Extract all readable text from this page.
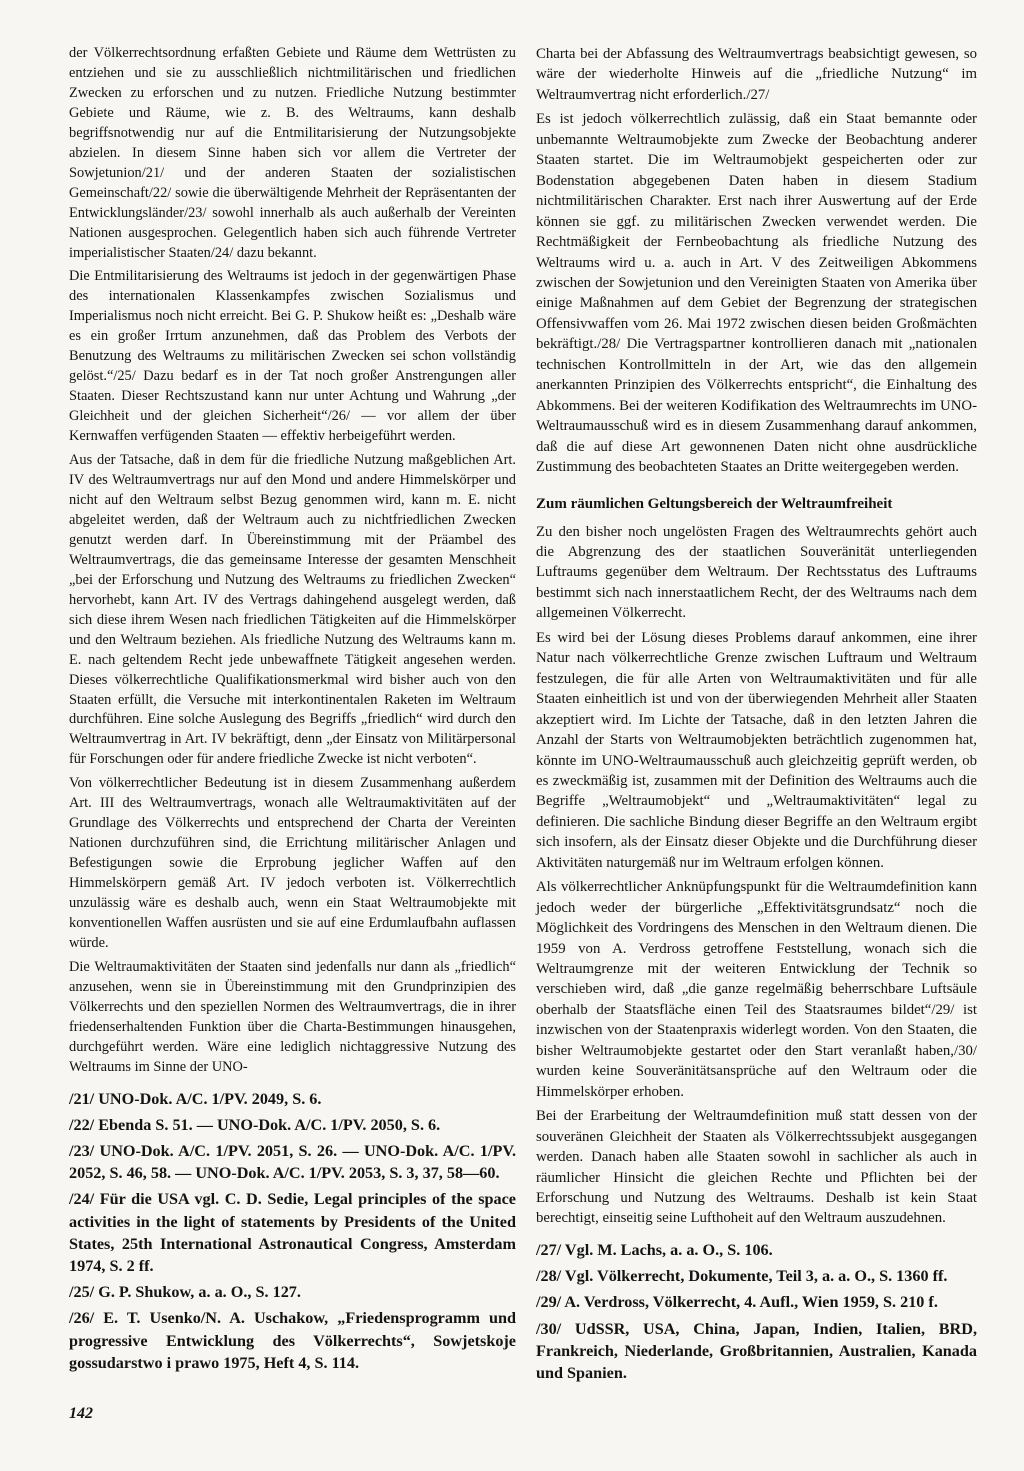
der Völkerrechtsordnung erfaßten Gebiete und Räume dem Wettrüsten zu entziehen und sie zu ausschließlich nichtmilitärischen und friedlichen Zwecken zu erforschen und zu nutzen. Friedliche Nutzung bestimmter Gebiete und Räume, wie z. B. des Weltraums, kann deshalb begriffsnotwendig nur auf die Entmilitarisierung der Nutzungsobjekte abzielen. In diesem Sinne haben sich vor allem die Vertreter der Sowjetunion/21/ und der anderen Staaten der sozialistischen Gemeinschaft/22/ sowie die überwältigende Mehrheit der Repräsentanten der Entwicklungsländer/23/ sowohl innerhalb als auch außerhalb der Vereinten Nationen ausgesprochen. Gelegentlich haben sich auch führende Vertreter imperialistischer Staaten/24/ dazu bekannt.

Die Entmilitarisierung des Weltraums ist jedoch in der gegenwärtigen Phase des internationalen Klassenkampfes zwischen Sozialismus und Imperialismus noch nicht erreicht. Bei G. P. Shukow heißt es: „Deshalb wäre es ein großer Irrtum anzunehmen, daß das Problem des Verbots der Benutzung des Weltraums zu militärischen Zwecken sei schon vollständig gelöst.“/25/ Dazu bedarf es in der Tat noch großer Anstrengungen aller Staaten. Dieser Rechtszustand kann nur unter Achtung und Wahrung „der Gleichheit und der gleichen Sicherheit“/26/ — vor allem der über Kernwaffen verfügenden Staaten — effektiv herbeigeführt werden.

Aus der Tatsache, daß in dem für die friedliche Nutzung maßgeblichen Art. IV des Weltraumvertrags nur auf den Mond und andere Himmelskörper und nicht auf den Weltraum selbst Bezug genommen wird, kann m. E. nicht abgeleitet werden, daß der Weltraum auch zu nichtfriedlichen Zwecken genutzt werden darf. In Übereinstimmung mit der Präambel des Weltraumvertrags, die das gemeinsame Interesse der gesamten Menschheit „bei der Erforschung und Nutzung des Weltraums zu friedlichen Zwecken“ hervorhebt, kann Art. IV des Vertrags dahingehend ausgelegt werden, daß sich diese ihrem Wesen nach friedlichen Tätigkeiten auf die Himmelskörper und den Weltraum beziehen. Als friedliche Nutzung des Weltraums kann m. E. nach geltendem Recht jede unbewaffnete Tätigkeit angesehen werden. Dieses völkerrechtliche Qualifikationsmerkmal wird bisher auch von den Staaten erfüllt, die Versuche mit interkontinentalen Raketen im Weltraum durchführen. Eine solche Auslegung des Begriffs „friedlich“ wird durch den Weltraumvertrag in Art. IV bekräftigt, denn „der Einsatz von Militärpersonal für Forschungen oder für andere friedliche Zwecke ist nicht verboten“.

Von völkerrechtlicher Bedeutung ist in diesem Zusammenhang außerdem Art. III des Weltraumvertrags, wonach alle Weltraumaktivitäten auf der Grundlage des Völkerrechts und entsprechend der Charta der Vereinten Nationen durchzuführen sind, die Errichtung militärischer Anlagen und Befestigungen sowie die Erprobung jeglicher Waffen auf den Himmelskörpern gemäß Art. IV jedoch verboten ist. Völkerrechtlich unzulässig wäre es deshalb auch, wenn ein Staat Weltraumobjekte mit konventionellen Waffen ausrüsten und sie auf eine Erdumlaufbahn auflassen würde.

Die Weltraumaktivitäten der Staaten sind jedenfalls nur dann als „friedlich“ anzusehen, wenn sie in Übereinstimmung mit den Grundprinzipien des Völkerrechts und den speziellen Normen des Weltraumvertrags, die in ihrer friedenserhaltenden Funktion über die Charta-Bestimmungen hinausgehen, durchgeführt werden. Wäre eine lediglich nichtaggressive Nutzung des Weltraums im Sinne der UNO-

/21/ UNO-Dok. A/C. 1/PV. 2049, S. 6.

/22/ Ebenda S. 51. — UNO-Dok. A/C. 1/PV. 2050, S. 6.

/23/ UNO-Dok. A/C. 1/PV. 2051, S. 26. — UNO-Dok. A/C. 1/PV. 2052, S. 46, 58. — UNO-Dok. A/C. 1/PV. 2053, S. 3, 37, 58—60.

/24/ Für die USA vgl. C. D. Sedie, Legal principles of the space activities in the light of statements by Presidents of the United States, 25th International Astronautical Congress, Amsterdam 1974, S. 2 ff.

/25/ G. P. Shukow, a. a. O., S. 127.

/26/ E. T. Usenko/N. A. Uschakow, „Friedensprogramm und progressive Entwicklung des Völkerrechts“, Sowjetskoje gossudarstwo i prawo 1975, Heft 4, S. 114.

Charta bei der Abfassung des Weltraumvertrags beabsichtigt gewesen, so wäre der wiederholte Hinweis auf die „friedliche Nutzung“ im Weltraumvertrag nicht erforderlich./27/

Es ist jedoch völkerrechtlich zulässig, daß ein Staat bemannte oder unbemannte Weltraumobjekte zum Zwecke der Beobachtung anderer Staaten startet. Die im Weltraumobjekt gespeicherten oder zur Bodenstation abgegebenen Daten haben in diesem Stadium nichtmilitärischen Charakter. Erst nach ihrer Auswertung auf der Erde können sie ggf. zu militärischen Zwecken verwendet werden. Die Rechtmäßigkeit der Fernbeobachtung als friedliche Nutzung des Weltraums wird u. a. auch in Art. V des Zeitweiligen Abkommens zwischen der Sowjetunion und den Vereinigten Staaten von Amerika über einige Maßnahmen auf dem Gebiet der Begrenzung der strategischen Offensivwaffen vom 26. Mai 1972 zwischen diesen beiden Großmächten bekräftigt./28/ Die Vertragspartner kontrollieren danach mit „nationalen technischen Kontrollmitteln in der Art, wie das den allgemein anerkannten Prinzipien des Völkerrechts entspricht“, die Einhaltung des Abkommens. Bei der weiteren Kodifikation des Weltraumrechts im UNO-Weltraumausschuß wird es in diesem Zusammenhang darauf ankommen, daß die auf diese Art gewonnenen Daten nicht ohne ausdrückliche Zustimmung des beobachteten Staates an Dritte weitergegeben werden.

Zum räumlichen Geltungsbereich der Weltraumfreiheit

Zu den bisher noch ungelösten Fragen des Weltraumrechts gehört auch die Abgrenzung des der staatlichen Souveränität unterliegenden Luftraums gegenüber dem Weltraum. Der Rechtsstatus des Luftraums bestimmt sich nach innerstaatlichem Recht, der des Weltraums nach dem allgemeinen Völkerrecht.

Es wird bei der Lösung dieses Problems darauf ankommen, eine ihrer Natur nach völkerrechtliche Grenze zwischen Luftraum und Weltraum festzulegen, die für alle Arten von Weltraumaktivitäten und für alle Staaten einheitlich ist und von der überwiegenden Mehrheit aller Staaten akzeptiert wird. Im Lichte der Tatsache, daß in den letzten Jahren die Anzahl der Starts von Weltraumobjekten beträchtlich zugenommen hat, könnte im UNO-Weltraumausschuß auch gleichzeitig geprüft werden, ob es zweckmäßig ist, zusammen mit der Definition des Weltraums auch die Begriffe „Weltraumobjekt“ und „Weltraumaktivitäten“ legal zu definieren. Die sachliche Bindung dieser Begriffe an den Weltraum ergibt sich insofern, als der Einsatz dieser Objekte und die Durchführung dieser Aktivitäten naturgemäß nur im Weltraum erfolgen können.

Als völkerrechtlicher Anknüpfungspunkt für die Weltraumdefinition kann jedoch weder der bürgerliche „Effektivitätsgrundsatz“ noch die Möglichkeit des Vordringens des Menschen in den Weltraum dienen. Die 1959 von A. Verdross getroffene Feststellung, wonach sich die Weltraumgrenze mit der weiteren Entwicklung der Technik so verschieben wird, daß „die ganze regelmäßig beherrschbare Luftsäule oberhalb der Staatsfläche einen Teil des Staatsraumes bildet“/29/ ist inzwischen von der Staatenpraxis widerlegt worden. Von den Staaten, die bisher Weltraumobjekte gestartet oder den Start veranlaßt haben,/30/ wurden keine Souveränitätsansprüche auf den Weltraum oder die Himmelskörper erhoben.

Bei der Erarbeitung der Weltraumdefinition muß statt dessen von der souveränen Gleichheit der Staaten als Völkerrechtssubjekt ausgegangen werden. Danach haben alle Staaten sowohl in sachlicher als auch in räumlicher Hinsicht die gleichen Rechte und Pflichten bei der Erforschung und Nutzung des Weltraums. Deshalb ist kein Staat berechtigt, einseitig seine Lufthoheit auf den Weltraum auszudehnen.

/27/ Vgl. M. Lachs, a. a. O., S. 106.

/28/ Vgl. Völkerrecht, Dokumente, Teil 3, a. a. O., S. 1360 ff.

/29/ A. Verdross, Völkerrecht, 4. Aufl., Wien 1959, S. 210 f.

/30/ UdSSR, USA, China, Japan, Indien, Italien, BRD, Frankreich, Niederlande, Großbritannien, Australien, Kanada und Spanien.

142
